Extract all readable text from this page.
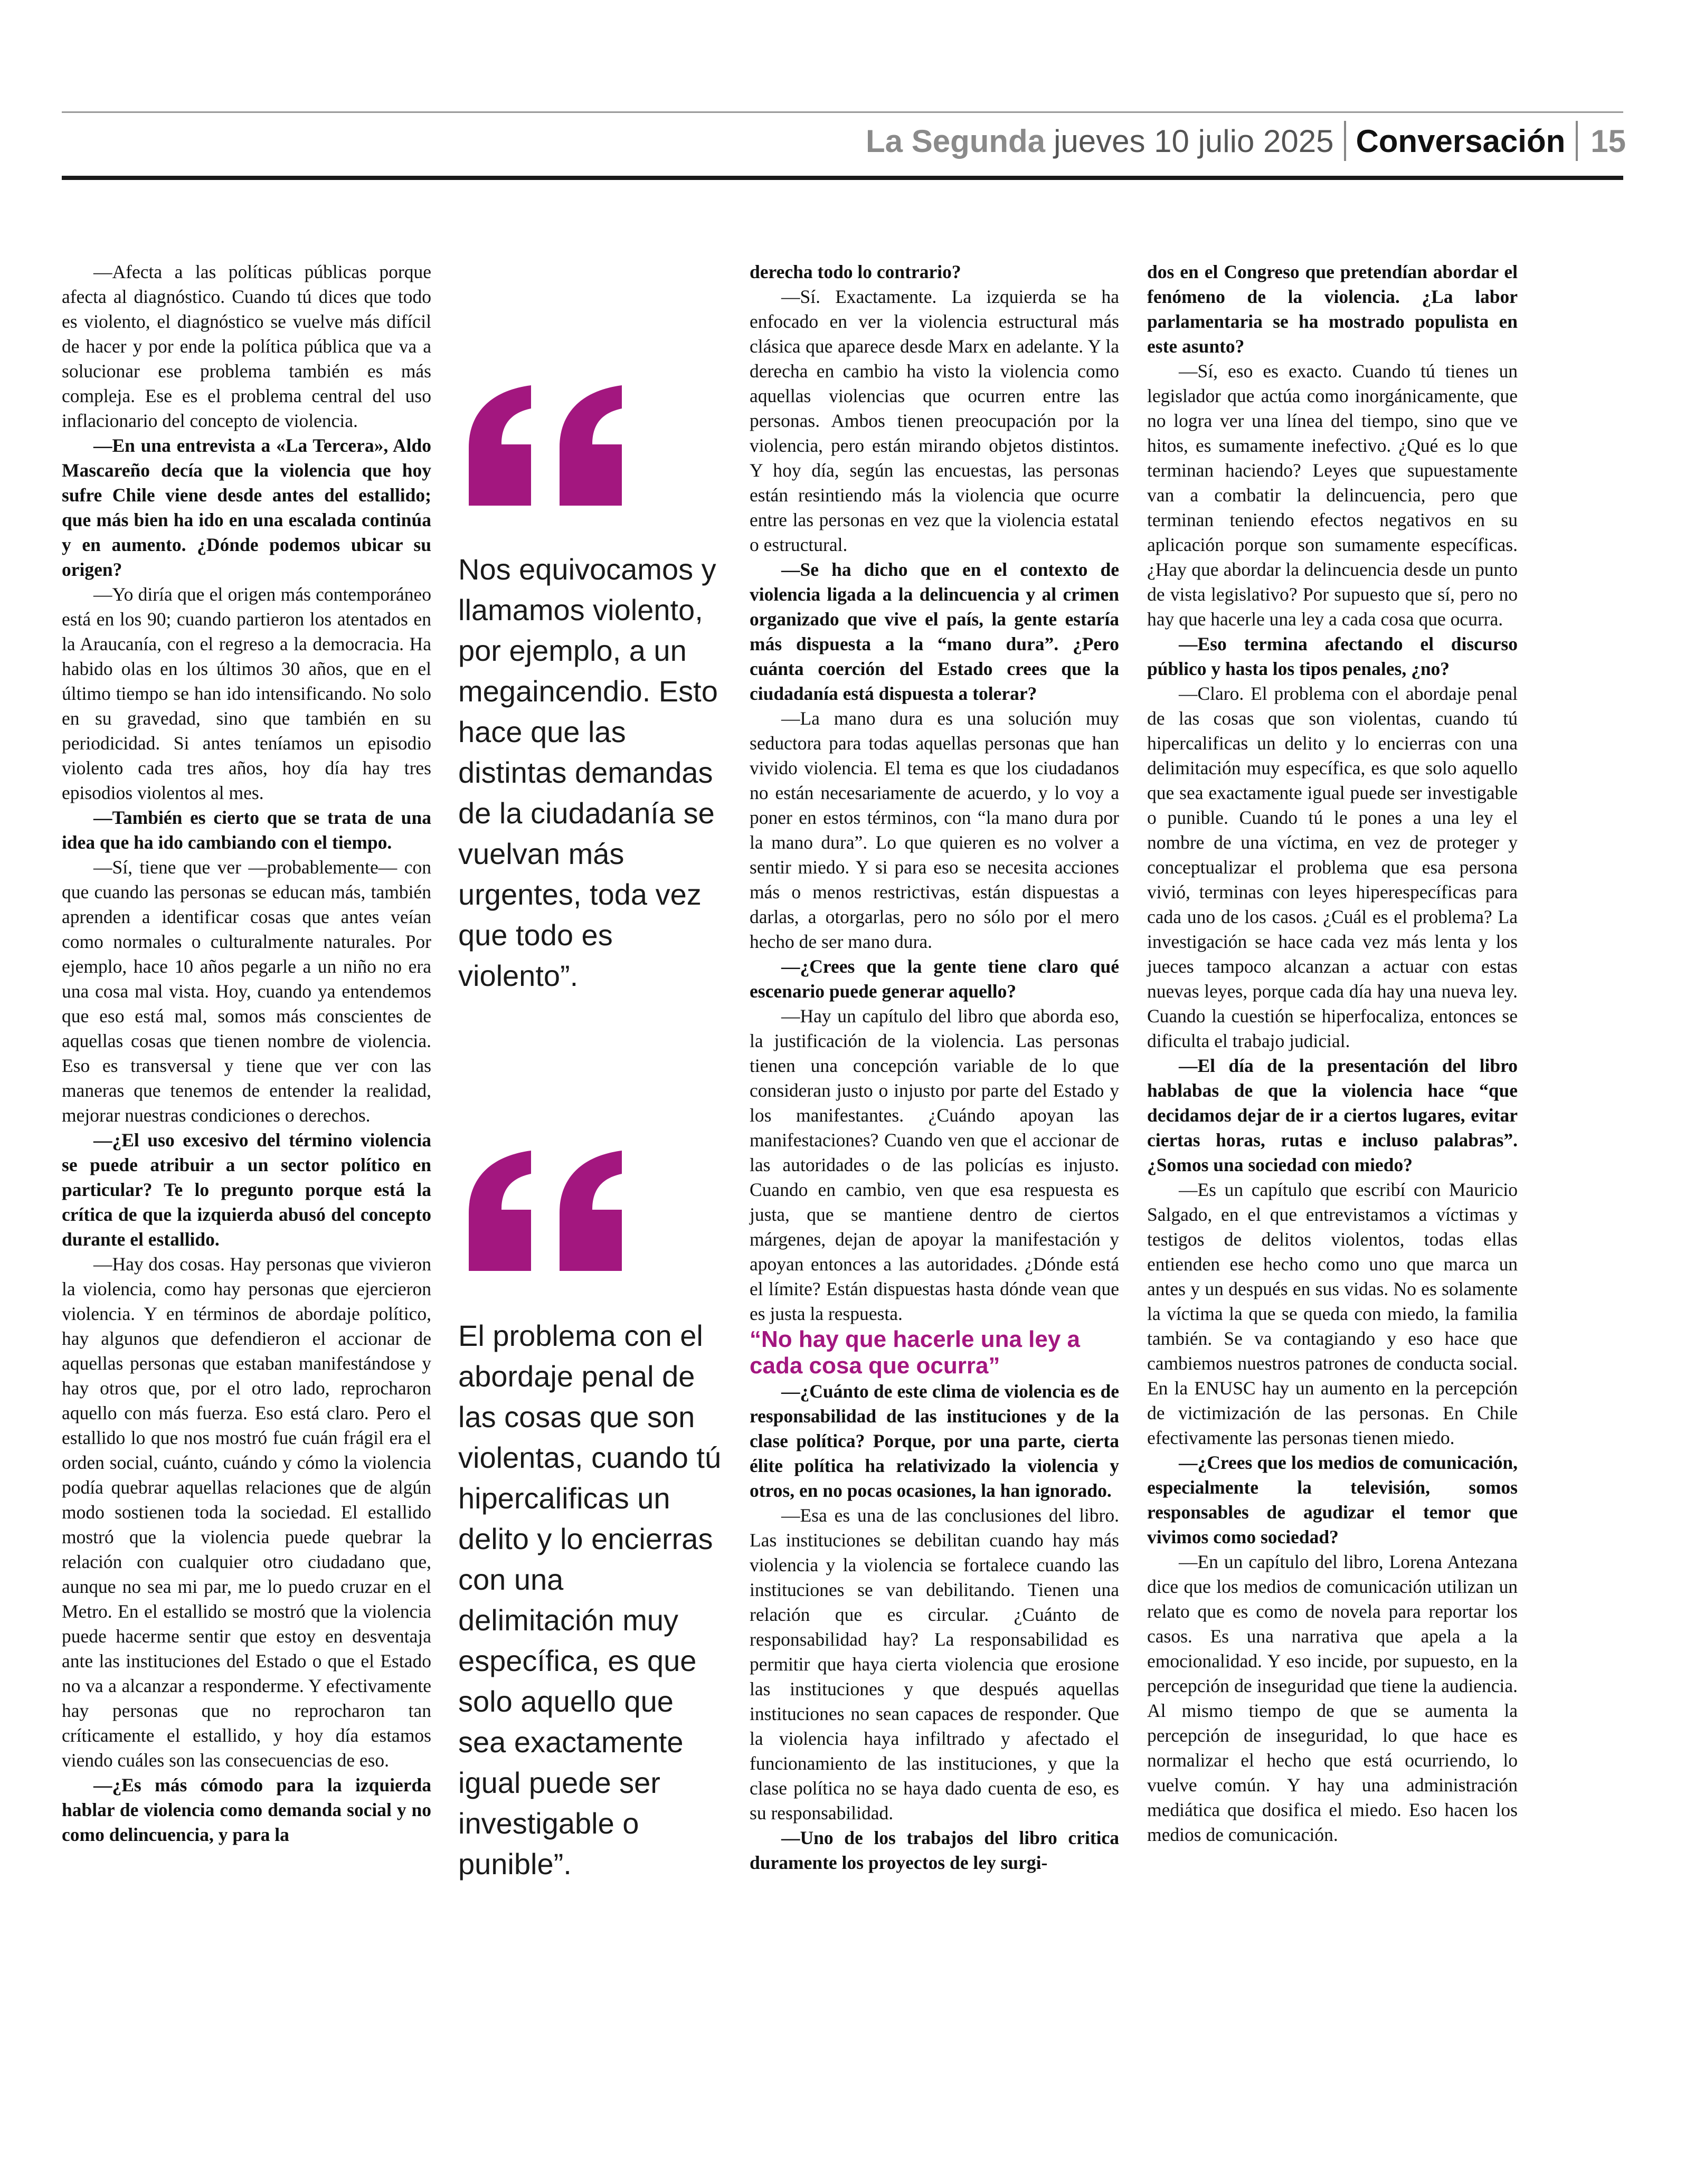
La Segunda jueves 10 julio 2025 Conversación 15

—Afecta a las políticas públicas porque afecta al diagnóstico. Cuando tú dices que todo es violento, el diagnóstico se vuelve más difícil de hacer y por ende la política pública que va a solucionar ese problema también es más compleja. Ese es el problema central del uso inflacionario del concepto de violencia.

—En una entrevista a «La Tercera», Aldo Mascareño decía que la violencia que hoy sufre Chile viene desde antes del estallido; que más bien ha ido en una escalada continúa y en aumento. ¿Dónde podemos ubicar su origen?

—Yo diría que el origen más contemporáneo está en los 90; cuando partieron los atentados en la Araucanía, con el regreso a la democracia. Ha habido olas en los últimos 30 años, que en el último tiempo se han ido intensificando. No solo en su gravedad, sino que también en su periodicidad. Si antes teníamos un episodio violento cada tres años, hoy día hay tres episodios violentos al mes.

—También es cierto que se trata de una idea que ha ido cambiando con el tiempo.

—Sí, tiene que ver —probablemente— con que cuando las personas se educan más, también aprenden a identificar cosas que antes veían como normales o culturalmente naturales. Por ejemplo, hace 10 años pegarle a un niño no era una cosa mal vista. Hoy, cuando ya entendemos que eso está mal, somos más conscientes de aquellas cosas que tienen nombre de violencia. Eso es transversal y tiene que ver con las maneras que tenemos de entender la realidad, mejorar nuestras condiciones o derechos.

—¿El uso excesivo del término violencia se puede atribuir a un sector político en particular? Te lo pregunto porque está la crítica de que la izquierda abusó del concepto durante el estallido.

—Hay dos cosas. Hay personas que vivieron la violencia, como hay personas que ejercieron violencia. Y en términos de abordaje político, hay algunos que defendieron el accionar de aquellas personas que estaban manifestándose y hay otros que, por el otro lado, reprocharon aquello con más fuerza. Eso está claro. Pero el estallido lo que nos mostró fue cuán frágil era el orden social, cuánto, cuándo y cómo la violencia podía quebrar aquellas relaciones que de algún modo sostienen toda la sociedad. El estallido mostró que la violencia puede quebrar la relación con cualquier otro ciudadano que, aunque no sea mi par, me lo puedo cruzar en el Metro. En el estallido se mostró que la violencia puede hacerme sentir que estoy en desventaja ante las instituciones del Estado o que el Estado no va a alcanzar a responderme. Y efectivamente hay personas que no reprocharon tan críticamente el estallido, y hoy día estamos viendo cuáles son las consecuencias de eso.

—¿Es más cómodo para la izquierda hablar de violencia como demanda social y no como delincuencia, y para la

Nos equivocamos y llamamos violento, por ejemplo, a un megaincendio. Esto hace que las distintas demandas de la ciudadanía se vuelvan más urgentes, toda vez que todo es violento”.

El problema con el abordaje penal de las cosas que son violentas, cuando tú hipercalificas un delito y lo encierras con una delimitación muy específica, es que solo aquello que sea exactamente igual puede ser investigable o punible”.

derecha todo lo contrario?

—Sí. Exactamente. La izquierda se ha enfocado en ver la violencia estructural más clásica que aparece desde Marx en adelante. Y la derecha en cambio ha visto la violencia como aquellas violencias que ocurren entre las personas. Ambos tienen preocupación por la violencia, pero están mirando objetos distintos. Y hoy día, según las encuestas, las personas están resintiendo más la violencia que ocurre entre las personas en vez que la violencia estatal o estructural.

—Se ha dicho que en el contexto de violencia ligada a la delincuencia y al crimen organizado que vive el país, la gente estaría más dispuesta a la “mano dura”. ¿Pero cuánta coerción del Estado crees que la ciudadanía está dispuesta a tolerar?

—La mano dura es una solución muy seductora para todas aquellas personas que han vivido violencia. El tema es que los ciudadanos no están necesariamente de acuerdo, y lo voy a poner en estos términos, con “la mano dura por la mano dura”. Lo que quieren es no volver a sentir miedo. Y si para eso se necesita acciones más o menos restrictivas, están dispuestas a darlas, a otorgarlas, pero no sólo por el mero hecho de ser mano dura.

—¿Crees que la gente tiene claro qué escenario puede generar aquello?

—Hay un capítulo del libro que aborda eso, la justificación de la violencia. Las personas tienen una concepción variable de lo que consideran justo o injusto por parte del Estado y los manifestantes. ¿Cuándo apoyan las manifestaciones? Cuando ven que el accionar de las autoridades o de las policías es injusto. Cuando en cambio, ven que esa respuesta es justa, que se mantiene dentro de ciertos márgenes, dejan de apoyar la manifestación y apoyan entonces a las autoridades. ¿Dónde está el límite? Están dispuestas hasta dónde vean que es justa la respuesta.

“No hay que hacerle una ley a cada cosa que ocurra”

—¿Cuánto de este clima de violencia es de responsabilidad de las instituciones y de la clase política? Porque, por una parte, cierta élite política ha relativizado la violencia y otros, en no pocas ocasiones, la han ignorado.

—Esa es una de las conclusiones del libro. Las instituciones se debilitan cuando hay más violencia y la violencia se fortalece cuando las instituciones se van debilitando. Tienen una relación que es circular. ¿Cuánto de responsabilidad hay? La responsabilidad es permitir que haya cierta violencia que erosione las instituciones y que después aquellas instituciones no sean capaces de responder. Que la violencia haya infiltrado y afectado el funcionamiento de las instituciones, y que la clase política no se haya dado cuenta de eso, es su responsabilidad.

—Uno de los trabajos del libro critica duramente los proyectos de ley surgi-

dos en el Congreso que pretendían abordar el fenómeno de la violencia. ¿La labor parlamentaria se ha mostrado populista en este asunto?

—Sí, eso es exacto. Cuando tú tienes un legislador que actúa como inorgánicamente, que no logra ver una línea del tiempo, sino que ve hitos, es sumamente inefectivo. ¿Qué es lo que terminan haciendo? Leyes que supuestamente van a combatir la delincuencia, pero que terminan teniendo efectos negativos en su aplicación porque son sumamente específicas. ¿Hay que abordar la delincuencia desde un punto de vista legislativo? Por supuesto que sí, pero no hay que hacerle una ley a cada cosa que ocurra.

—Eso termina afectando el discurso público y hasta los tipos penales, ¿no?

—Claro. El problema con el abordaje penal de las cosas que son violentas, cuando tú hipercalificas un delito y lo encierras con una delimitación muy específica, es que solo aquello que sea exactamente igual puede ser investigable o punible. Cuando tú le pones a una ley el nombre de una víctima, en vez de proteger y conceptualizar el problema que esa persona vivió, terminas con leyes hiperespecíficas para cada uno de los casos. ¿Cuál es el problema? La investigación se hace cada vez más lenta y los jueces tampoco alcanzan a actuar con estas nuevas leyes, porque cada día hay una nueva ley. Cuando la cuestión se hiperfocaliza, entonces se dificulta el trabajo judicial.

—El día de la presentación del libro hablabas de que la violencia hace “que decidamos dejar de ir a ciertos lugares, evitar ciertas horas, rutas e incluso palabras”. ¿Somos una sociedad con miedo?

—Es un capítulo que escribí con Mauricio Salgado, en el que entrevistamos a víctimas y testigos de delitos violentos, todas ellas entienden ese hecho como uno que marca un antes y un después en sus vidas. No es solamente la víctima la que se queda con miedo, la familia también. Se va contagiando y eso hace que cambiemos nuestros patrones de conducta social. En la ENUSC hay un aumento en la percepción de victimización de las personas. En Chile efectivamente las personas tienen miedo.

—¿Crees que los medios de comunicación, especialmente la televisión, somos responsables de agudizar el temor que vivimos como sociedad?

—En un capítulo del libro, Lorena Antezana dice que los medios de comunicación utilizan un relato que es como de novela para reportar los casos. Es una narrativa que apela a la emocionalidad. Y eso incide, por supuesto, en la percepción de inseguridad que tiene la audiencia. Al mismo tiempo de que se aumenta la percepción de inseguridad, lo que hace es normalizar el hecho que está ocurriendo, lo vuelve común. Y hay una administración mediática que dosifica el miedo. Eso hacen los medios de comunicación.
